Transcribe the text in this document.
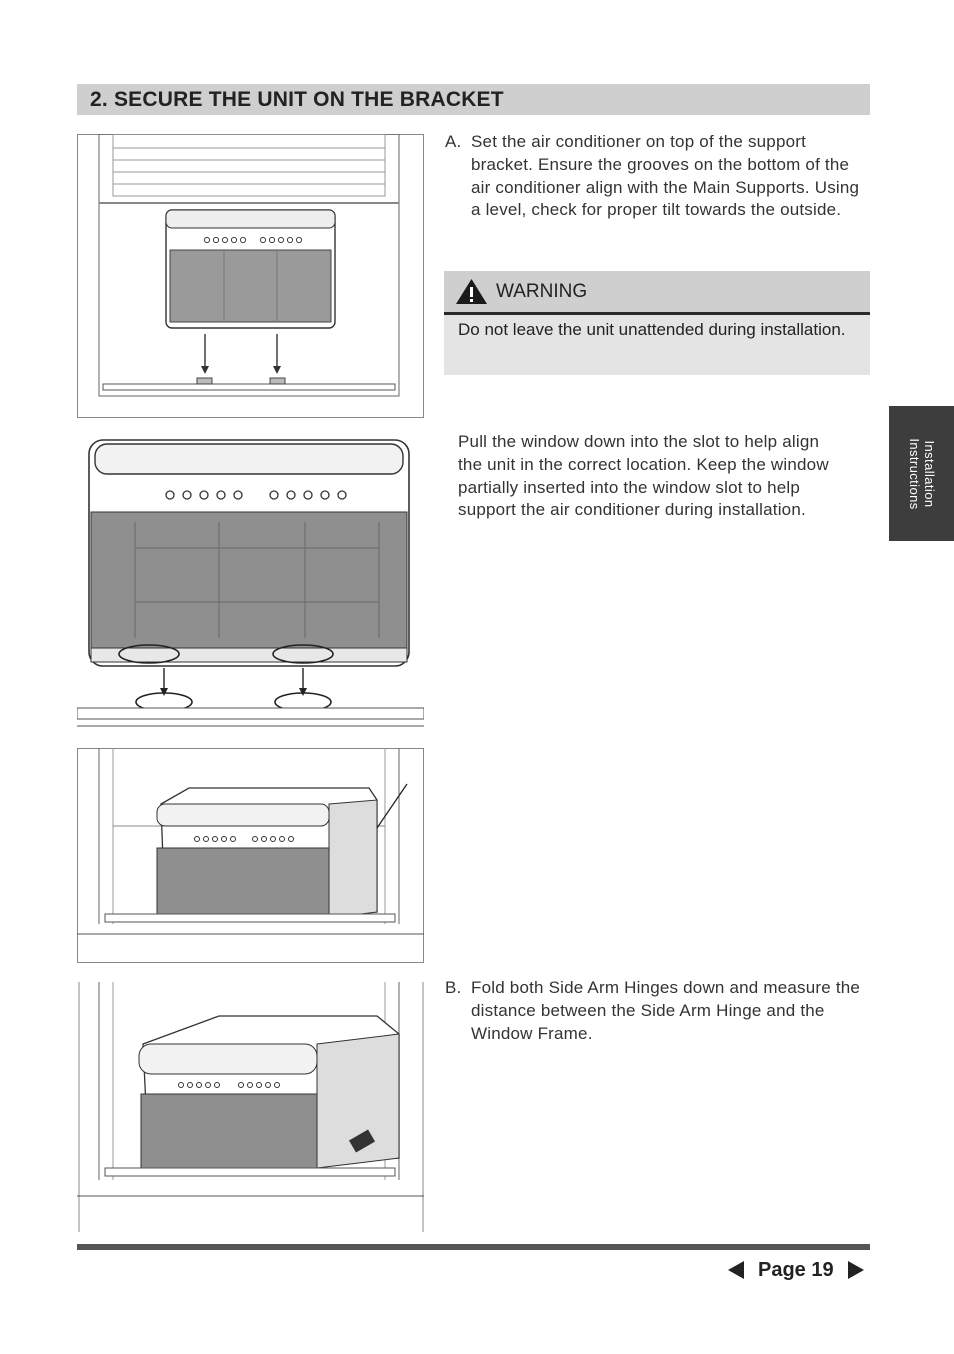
2. SECURE THE UNIT ON THE BRACKET
A. Set the air conditioner on top of the support bracket. Ensure the grooves on the bottom of the air conditioner align with the Main Supports. Using a level, check for proper tilt towards the outside.
WARNING
Do not leave the unit unattended during installation.
Installation
Instructions
Pull the window down into the slot to help align the unit in the correct location. Keep the window partially inserted into the window slot to help support the air conditioner during installation.
B. Fold both Side Arm Hinges down and measure the distance between the Side Arm Hinge and the Window Frame.
Page 19
